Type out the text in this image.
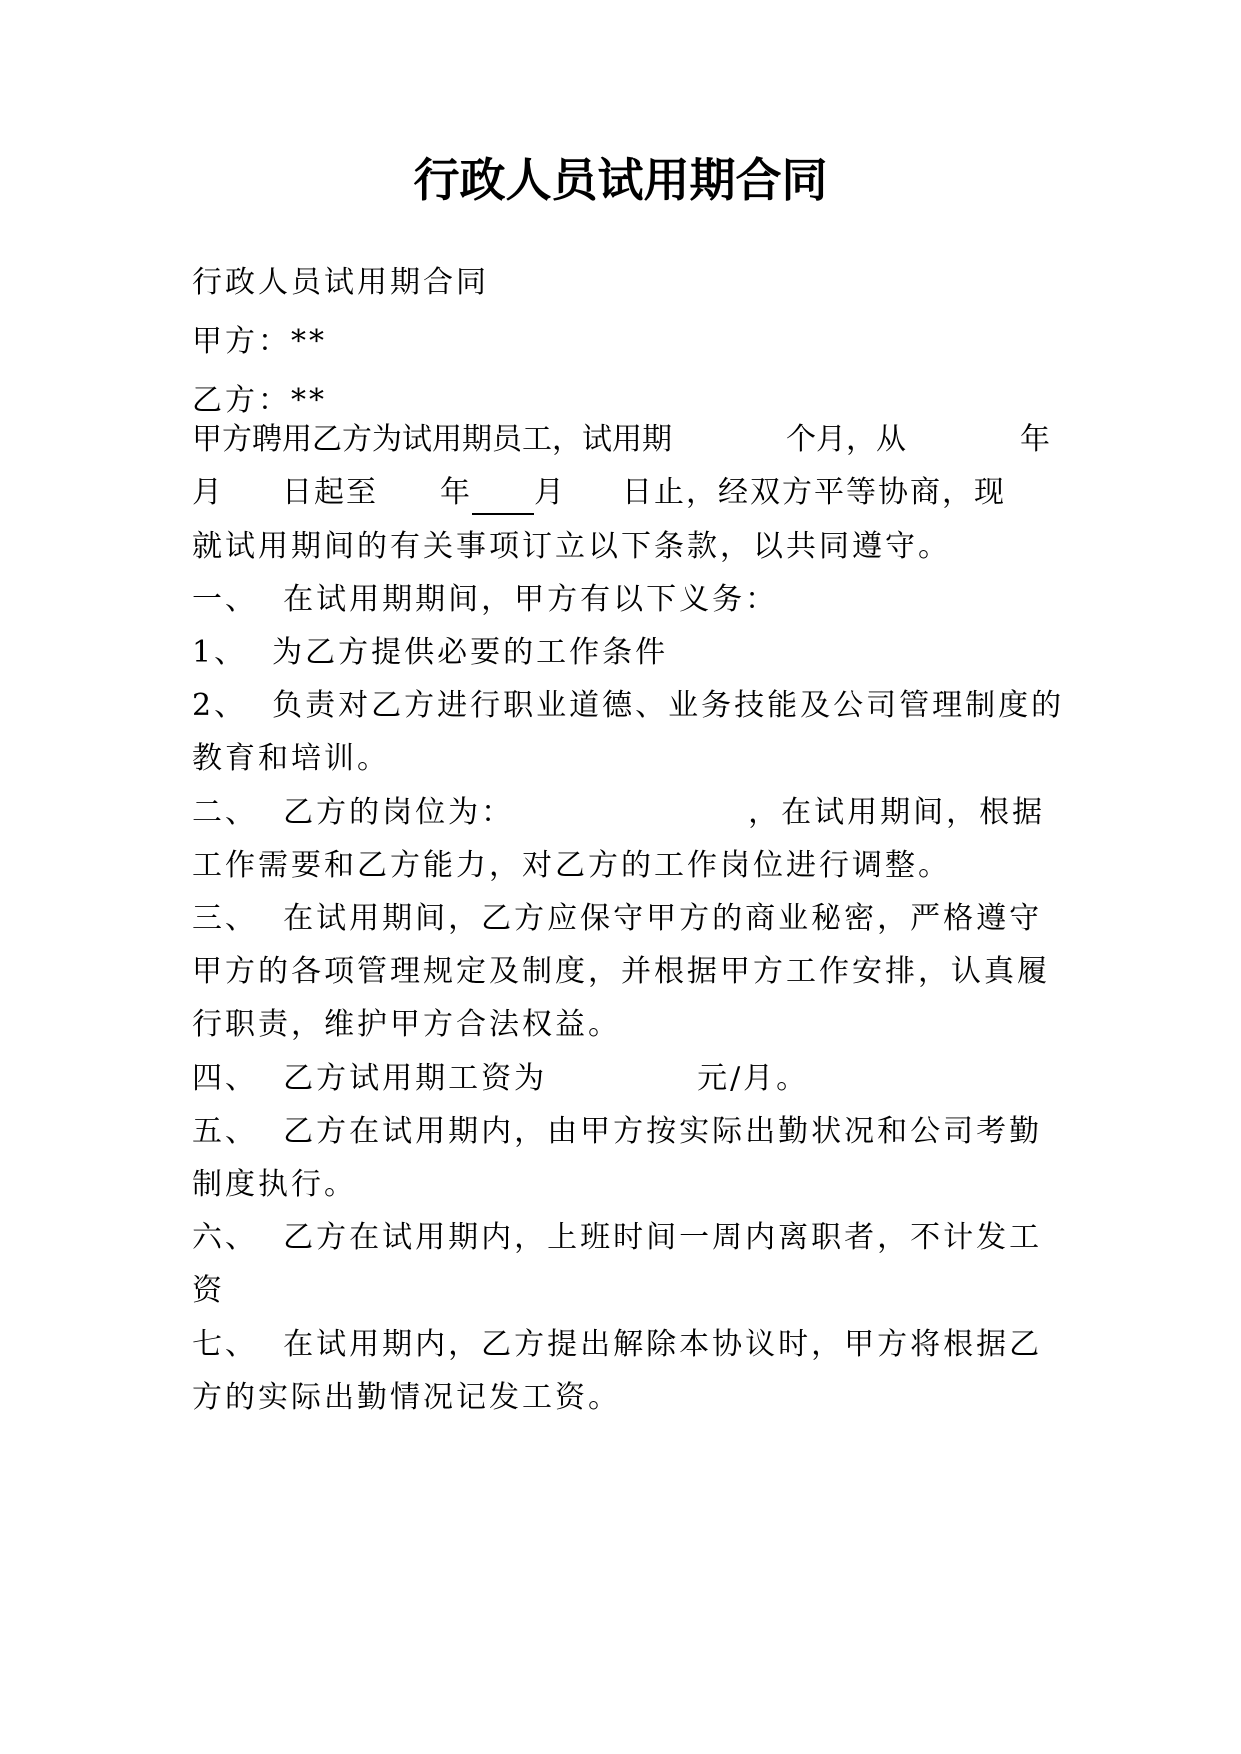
行政人员试用期合同
行政人员试用期合同
甲方：**
乙方：**
甲方聘用乙方为试用期员工，试用期	个月，从	年
月 日起至 年 月 日止，经双方平等协商，现
就试用期间的有关事项订立以下条款，以共同遵守。
一、  在试用期期间，甲方有以下义务：
1、  为乙方提供必要的工作条件
2、  负责对乙方进行职业道德、业务技能及公司管理制度的
教育和培训。
二、  乙方的岗位为：	，在试用期间，根据
工作需要和乙方能力，对乙方的工作岗位进行调整。
三、  在试用期间，乙方应保守甲方的商业秘密，严格遵守
甲方的各项管理规定及制度，并根据甲方工作安排，认真履
行职责，维护甲方合法权益。
四、  乙方试用期工资为	元/月。
五、  乙方在试用期内，由甲方按实际出勤状况和公司考勤
制度执行。
六、  乙方在试用期内，上班时间一周内离职者，不计发工
资
七、  在试用期内，乙方提出解除本协议时，甲方将根据乙
方的实际出勤情况记发工资。
